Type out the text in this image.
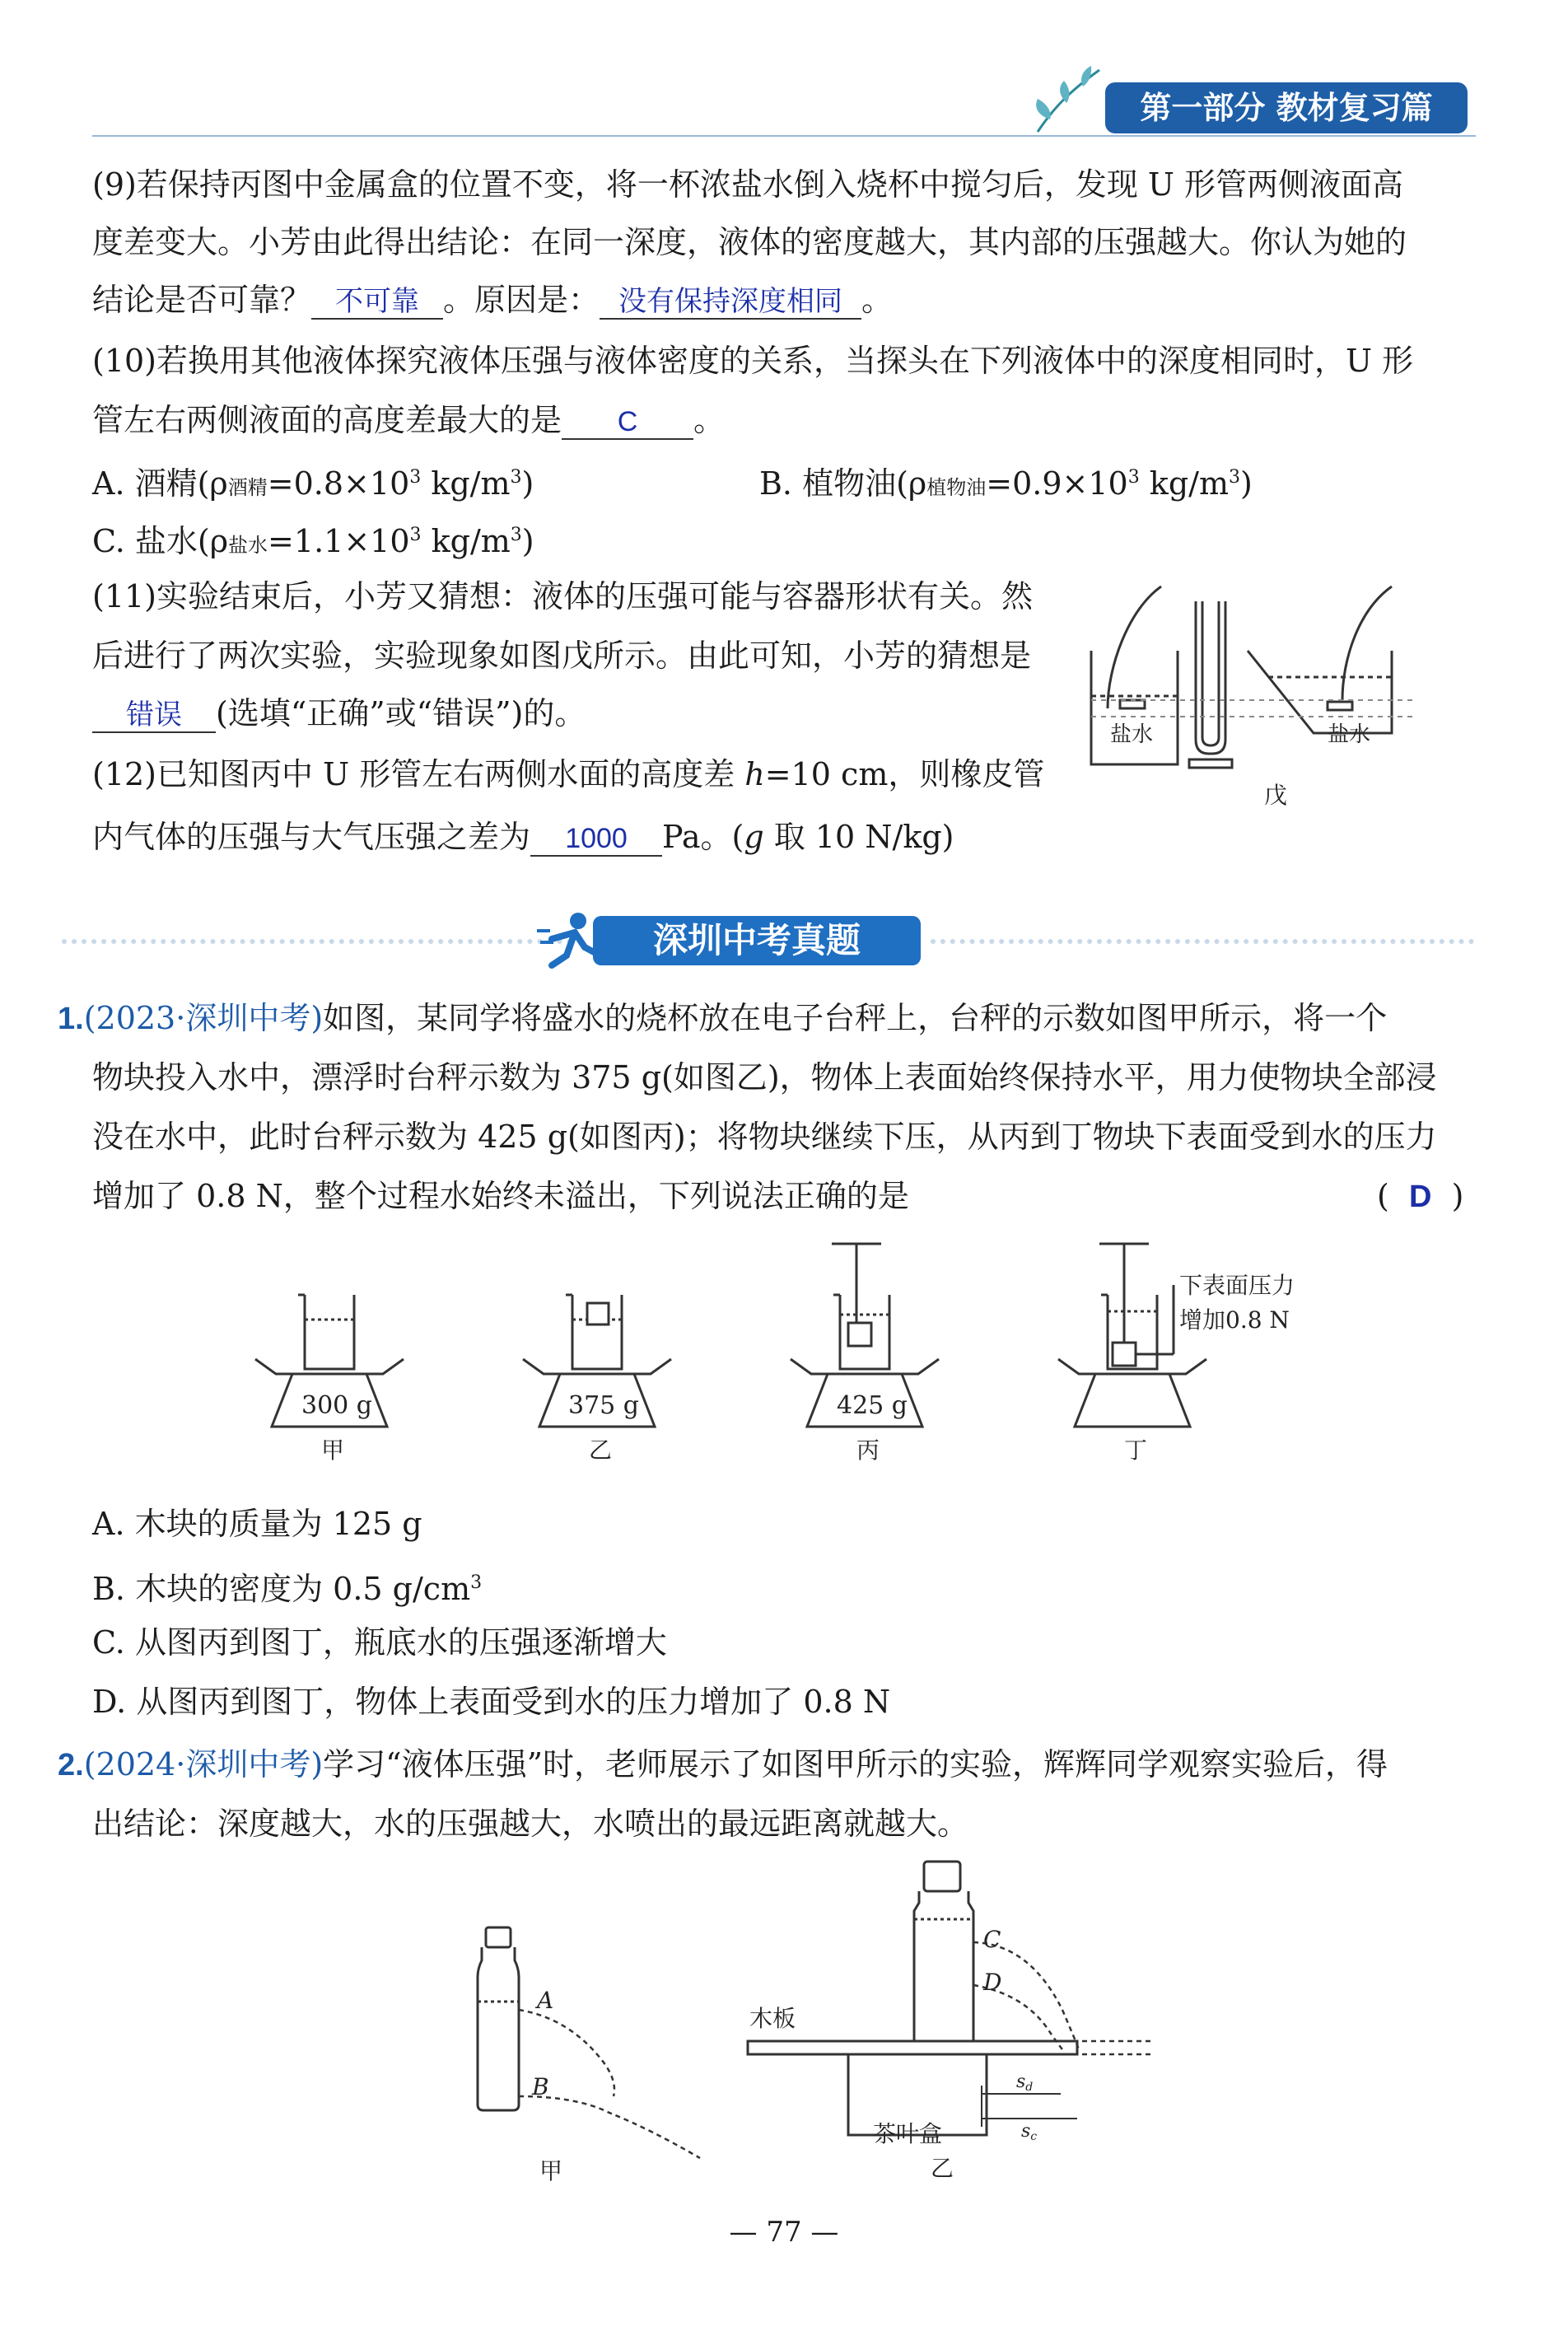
第一部分 教材复习篇
(9)若保持丙图中金属盒的位置不变，将一杯浓盐水倒入烧杯中搅匀后，发现 U 形管两侧液面高
度差变大。小芳由此得出结论：在同一深度，液体的密度越大，其内部的压强越大。你认为她的
结论是否可靠？ 不可靠 。原因是： 没有保持深度相同 。
(10)若换用其他液体探究液体压强与液体密度的关系，当探头在下列液体中的深度相同时，U 形
管左右两侧液面的高度差最大的是 C 。
A. 酒精(ρ酒精$=0.8\times 10^3$ $kg/m^3$)	B. 植物油(ρ植物油$=0.9\times 10^3$ $kg/m^3$)
C. 盐水(ρ盐水$=1.1\times 10^3$ $kg/m^3$)
(11)实验结束后，小芳又猜想：液体的压强可能与容器形状有关。然
后进行了两次实验，实验现象如图戊所示。由此可知，小芳的猜想是
错误 (选填“正确”或“错误”)的。
(12)已知图丙中 U 形管左右两侧水面的高度差 h=10 cm，则橡皮管
内气体的压强与大气压强之差为 1000 Pa。(g 取 10 N/kg)
盐水	盐水
戊
深圳中考真题
1.(2023·深圳中考)如图，某同学将盛水的烧杯放在电子台秤上，台秤的示数如图甲所示，将一个
物块投入水中，漂浮时台秤示数为 375 g(如图乙)，物体上表面始终保持水平，用力使物块全部浸
没在水中，此时台秤示数为 425 g(如图丙)；将物块继续下压，从丙到丁物块下表面受到水的压力
增加了 0.8 N，整个过程水始终未溢出，下列说法正确的是	( D )
300 g	375 g	425 g
甲	乙	丙	丁
下表面压力
增加0.8 N
A. 木块的质量为 125 g
B. 木块的密度为 0.5 $g/cm^3$
C. 从图丙到图丁，瓶底水的压强逐渐增大
D. 从图丙到图丁，物体上表面受到水的压力增加了 0.8 N
2.(2024·深圳中考)学习“液体压强”时，老师展示了如图甲所示的实验，辉辉同学观察实验后，得
出结论：深度越大，水的压强越大，水喷出的最远距离就越大。
A
B
甲
C
D
木板
茶叶盒
sd
sc
乙
— 77 —
